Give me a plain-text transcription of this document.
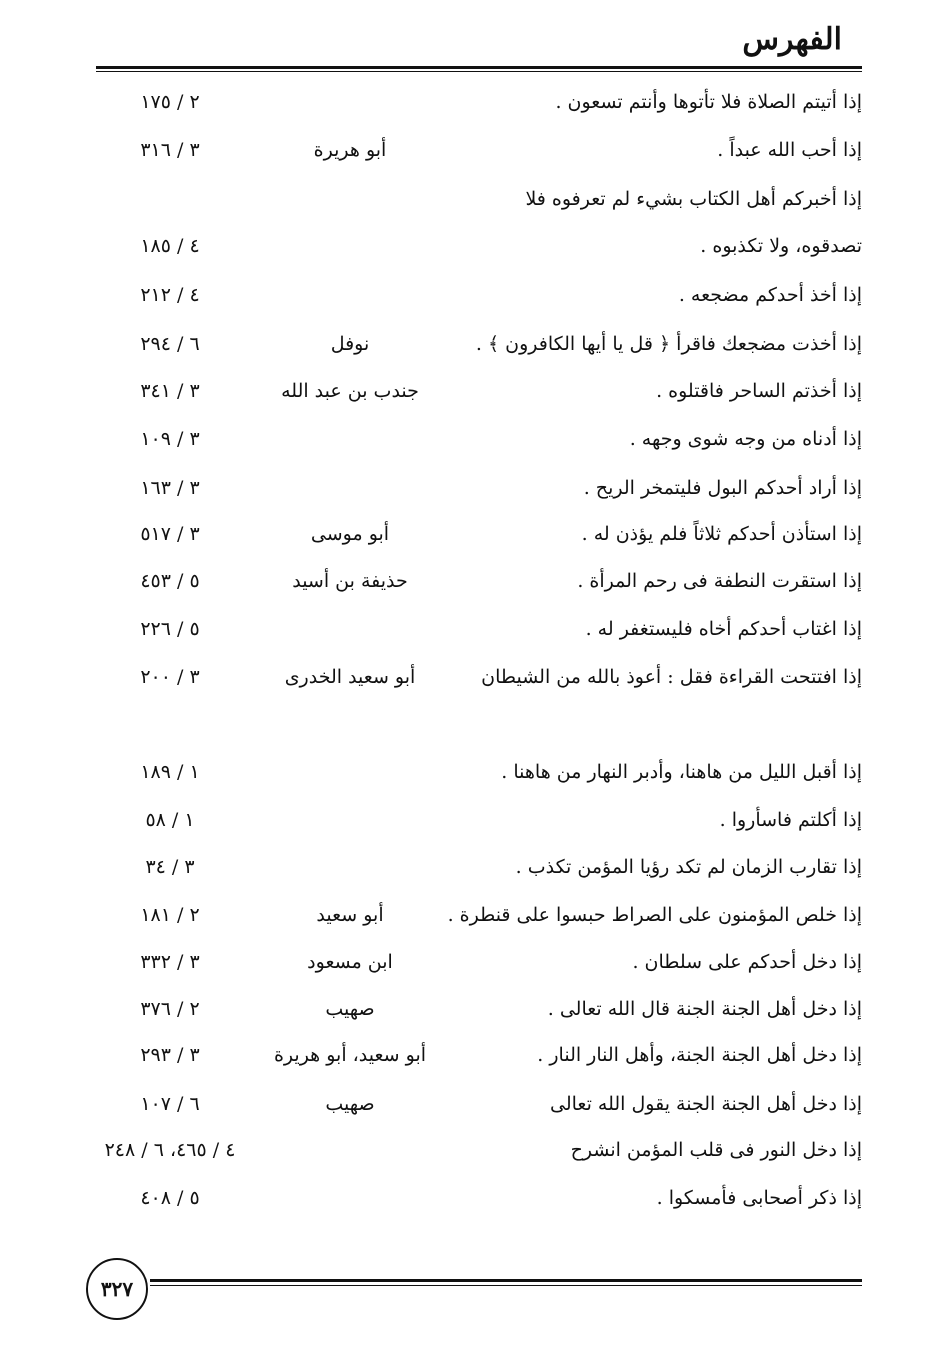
الفهرس
إذا أتيتم الصلاة فلا تأتوها وأنتم تسعون .
٢ / ١٧٥
إذا أحب الله عبداً .
أبو هريرة
٣ / ٣١٦
إذا أخبركم أهل الكتاب بشيء لم تعرفوه فلا
تصدقوه، ولا تكذبوه .
٤ / ١٨٥
إذا أخذ أحدكم مضجعه .
٤ / ٢١٢
إذا أخذت مضجعك فاقرأ ﴿ قل يا أيها الكافرون ﴾ .
نوفل
٦ / ٢٩٤
إذا أخذتم الساحر فاقتلوه .
جندب بن عبد الله
٣ / ٣٤١
إذا أدناه من وجه شوى وجهه .
٣ / ١٠٩
إذا أراد أحدكم البول فليتمخر الريح .
٣ / ١٦٣
إذا استأذن أحدكم ثلاثاً فلم يؤذن له .
أبو موسى
٣ / ٥١٧
إذا استقرت النطفة فى رحم المرأة .
حذيفة بن أسيد
٥ / ٤٥٣
إذا اغتاب أحدكم أخاه فليستغفر له .
٥ / ٢٢٦
إذا افتتحت القراءة فقل : أعوذ بالله من الشيطان
أبو سعيد الخدرى
٣ / ٢٠٠
إذا أقبل الليل من هاهنا، وأدبر النهار من هاهنا .
١ / ١٨٩
إذا أكلتم فاسأروا .
١ / ٥٨
إذا تقارب الزمان لم تكد رؤيا المؤمن تكذب .
٣ / ٣٤
إذا خلص المؤمنون على الصراط حبسوا على قنطرة .
أبو سعيد
٢ / ١٨١
إذا دخل أحدكم على سلطان .
ابن مسعود
٣ / ٣٣٢
إذا دخل أهل الجنة الجنة قال الله تعالى .
صهيب
٢ / ٣٧٦
إذا دخل أهل الجنة الجنة، وأهل النار النار .
أبو سعيد، أبو هريرة
٣ / ٢٩٣
إذا دخل أهل الجنة الجنة يقول الله تعالى
صهيب
٦ / ١٠٧
إذا دخل النور فى قلب المؤمن انشرح
٤ / ٤٦٥، ٦ / ٢٤٨
إذا ذكر أصحابى فأمسكوا .
٥ / ٤٠٨
٣٢٧
